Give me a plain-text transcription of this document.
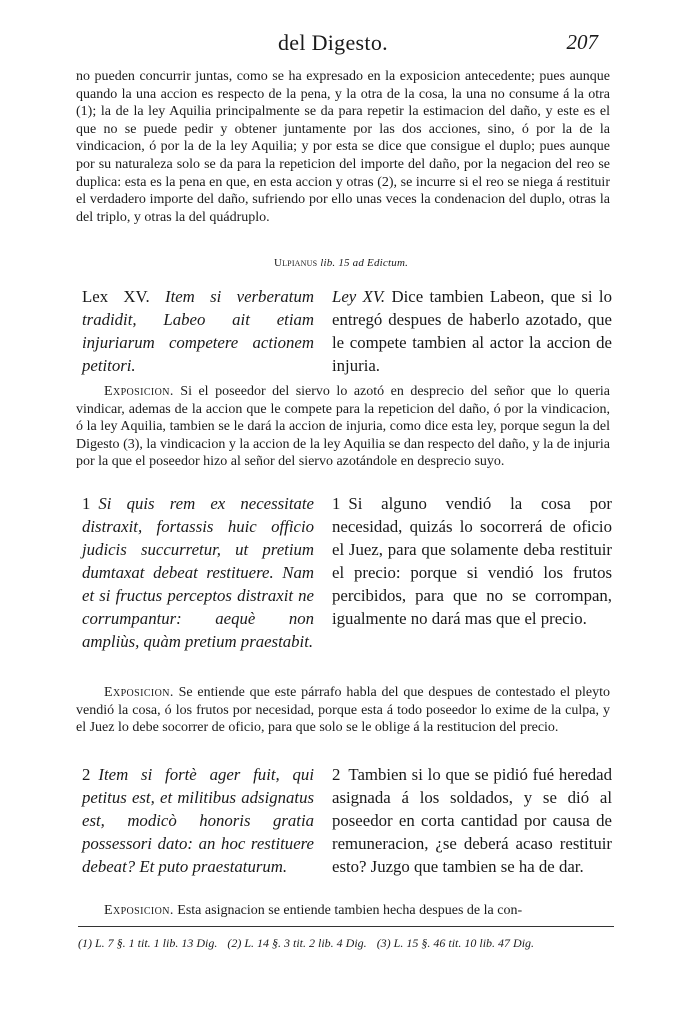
del Digesto.	207

no pueden concurrir juntas, como se ha expresado en la exposicion antecedente; pues aunque quando la una accion es respecto de la pena, y la otra de la cosa, la una no consume á la otra (1); la de la ley Aquilia principalmente se da para repetir la estimacion del daño, y este es el que no se puede pedir y obtener juntamente por las dos acciones, sino, ó por la de la vindicacion, ó por la de la ley Aquilia; y por esta se dice que consigue el duplo; pues aunque por su naturaleza solo se da para la repeticion del importe del daño, por la negacion del reo se duplica: esta es la pena en que, en esta accion y otras (2), se incurre si el reo se niega á restituir el verdadero importe del daño, sufriendo por ello unas veces la condenacion del duplo, otras la del triplo, y otras la del quádruplo.

Ulpianus lib. 15 ad Edictum.

Lex XV. Item si verberatum tradidit, Labeo ait etiam injuriarum competere actionem petitori.

Ley XV. Dice tambien Labeon, que si lo entregó despues de haberlo azotado, que le compete tambien al actor la accion de injuria.

Exposicion. Si el poseedor del siervo lo azotó en desprecio del señor que lo queria vindicar, ademas de la accion que le compete para la repeticion del daño, ó por la vindicacion, ó la ley Aquilia, tambien se le dará la accion de injuria, como dice esta ley, porque segun la del Digesto (3), la vindicacion y la accion de la ley Aquilia se dan respecto del daño, y la de injuria por la que el poseedor hizo al señor del siervo azotándole en desprecio suyo.

1 Si quis rem ex necessitate distraxit, fortassis huic officio judicis succurretur, ut pretium dumtaxat debeat restituere. Nam et si fructus perceptos distraxit ne corrumpantur: aequè non ampliùs, quàm pretium praestabit.

1 Si alguno vendió la cosa por necesidad, quizás lo socorrerá de oficio el Juez, para que solamente deba restituir el precio: porque si vendió los frutos percibidos, para que no se corrompan, igualmente no dará mas que el precio.

Exposicion. Se entiende que este párrafo habla del que despues de contestado el pleyto vendió la cosa, ó los frutos por necesidad, porque esta á todo poseedor lo exime de la culpa, y el Juez lo debe socorrer de oficio, para que solo se le oblige á la restitucion del precio.

2 Item si fortè ager fuit, qui petitus est, et militibus adsignatus est, modicò honoris gratia possessori dato: an hoc restituere debeat? Et puto praestaturum.

2 Tambien si lo que se pidió fué heredad asignada á los soldados, y se dió al poseedor en corta cantidad por causa de remuneracion, ¿se deberá acaso restituir esto? Juzgo que tambien se ha de dar.

Exposicion. Esta asignacion se entiende tambien hecha despues de la con-

(1) L. 7 §. 1 tit. 1 lib. 13 Dig. (2) L. 14 §. 3 tit. 2 lib. 4 Dig. (3) L. 15 §. 46 tit. 10 lib. 47 Dig.
